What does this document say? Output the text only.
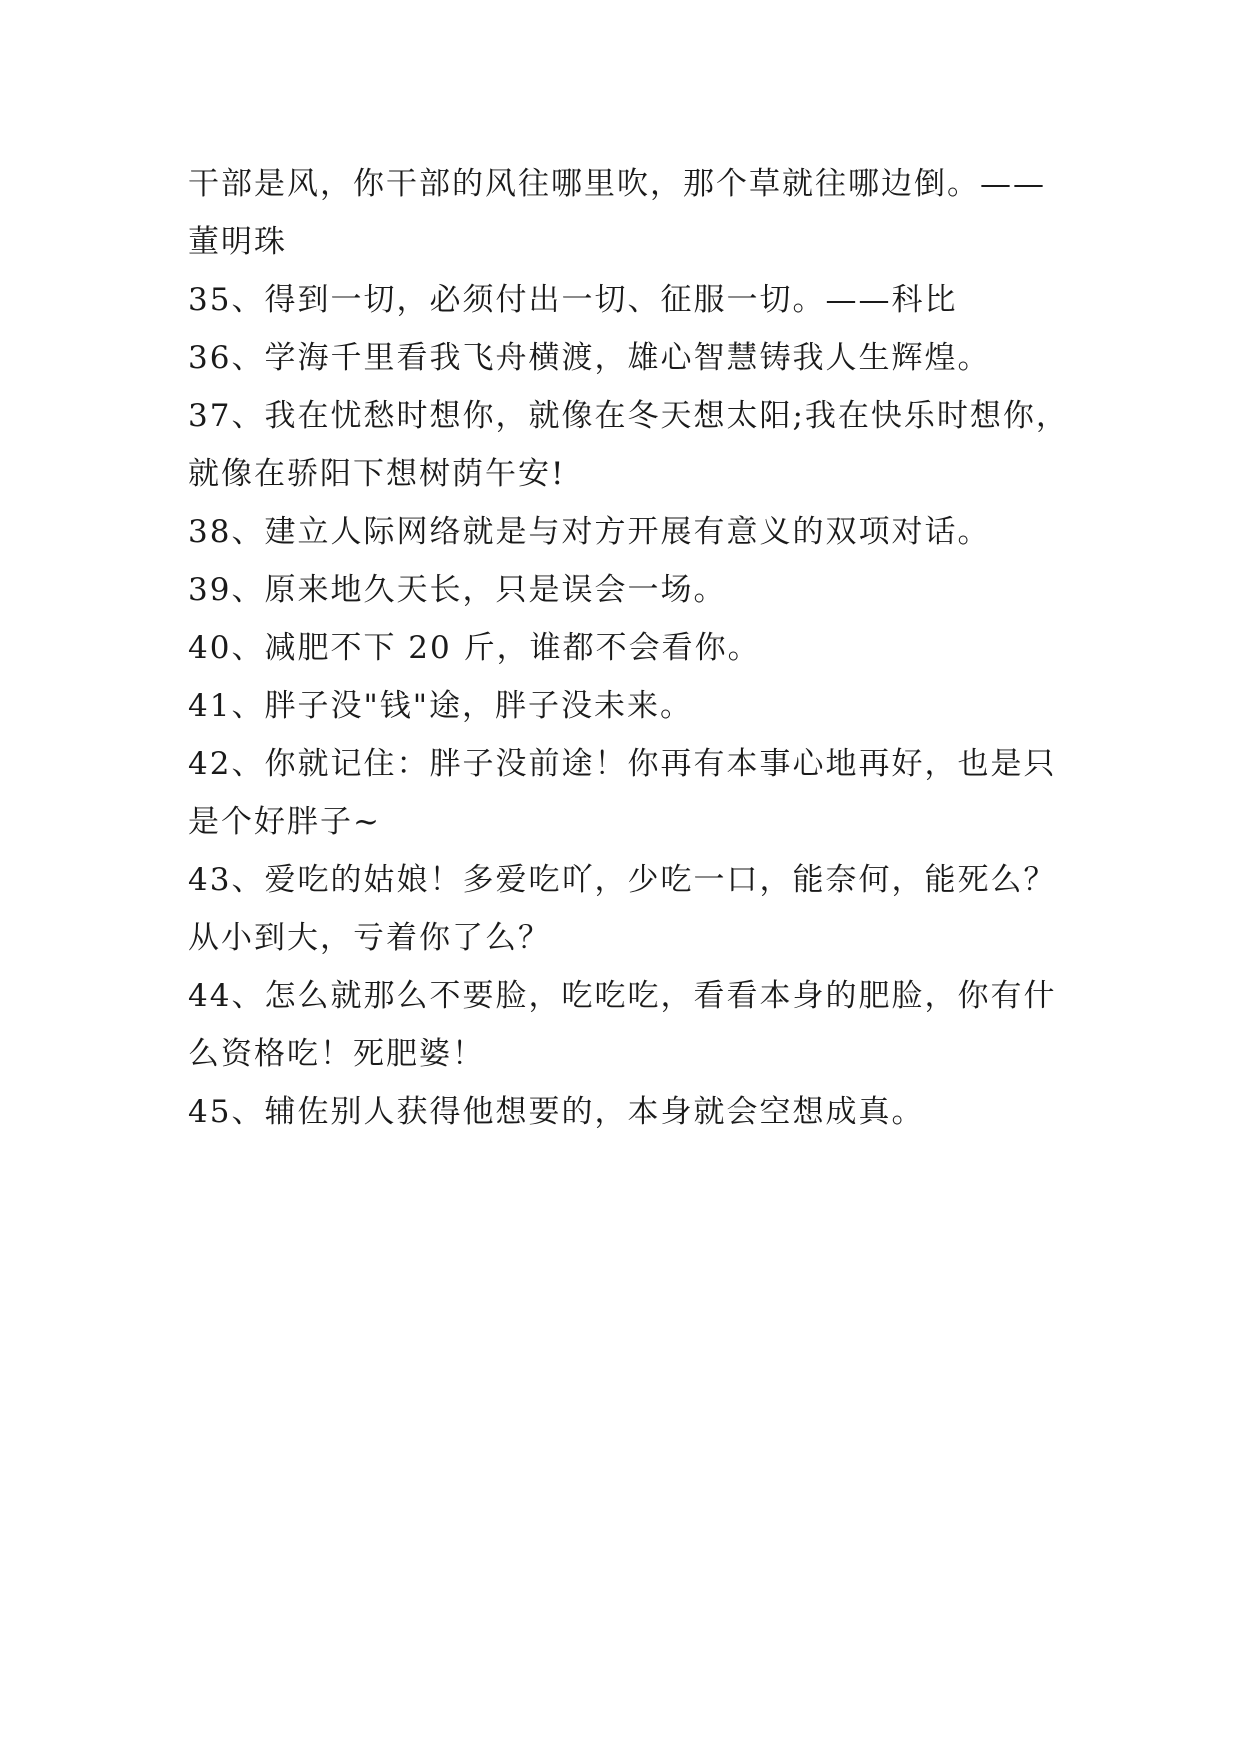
干部是风，你干部的风往哪里吹，那个草就往哪边倒。——
董明珠
35、得到一切，必须付出一切、征服一切。——科比
36、学海千里看我飞舟横渡，雄心智慧铸我人生辉煌。
37、我在忧愁时想你，就像在冬天想太阳;我在快乐时想你，
就像在骄阳下想树荫午安!
38、建立人际网络就是与对方开展有意义的双项对话。
39、原来地久天长，只是误会一场。
40、减肥不下 20 斤，谁都不会看你。
41、胖子没"钱"途，胖子没未来。
42、你就记住：胖子没前途！你再有本事心地再好，也是只
是个好胖子~
43、爱吃的姑娘！多爱吃吖，少吃一口，能奈何，能死么？
从小到大，亏着你了么？
44、怎么就那么不要脸，吃吃吃，看看本身的肥脸，你有什
么资格吃！死肥婆！
45、辅佐别人获得他想要的，本身就会空想成真。
